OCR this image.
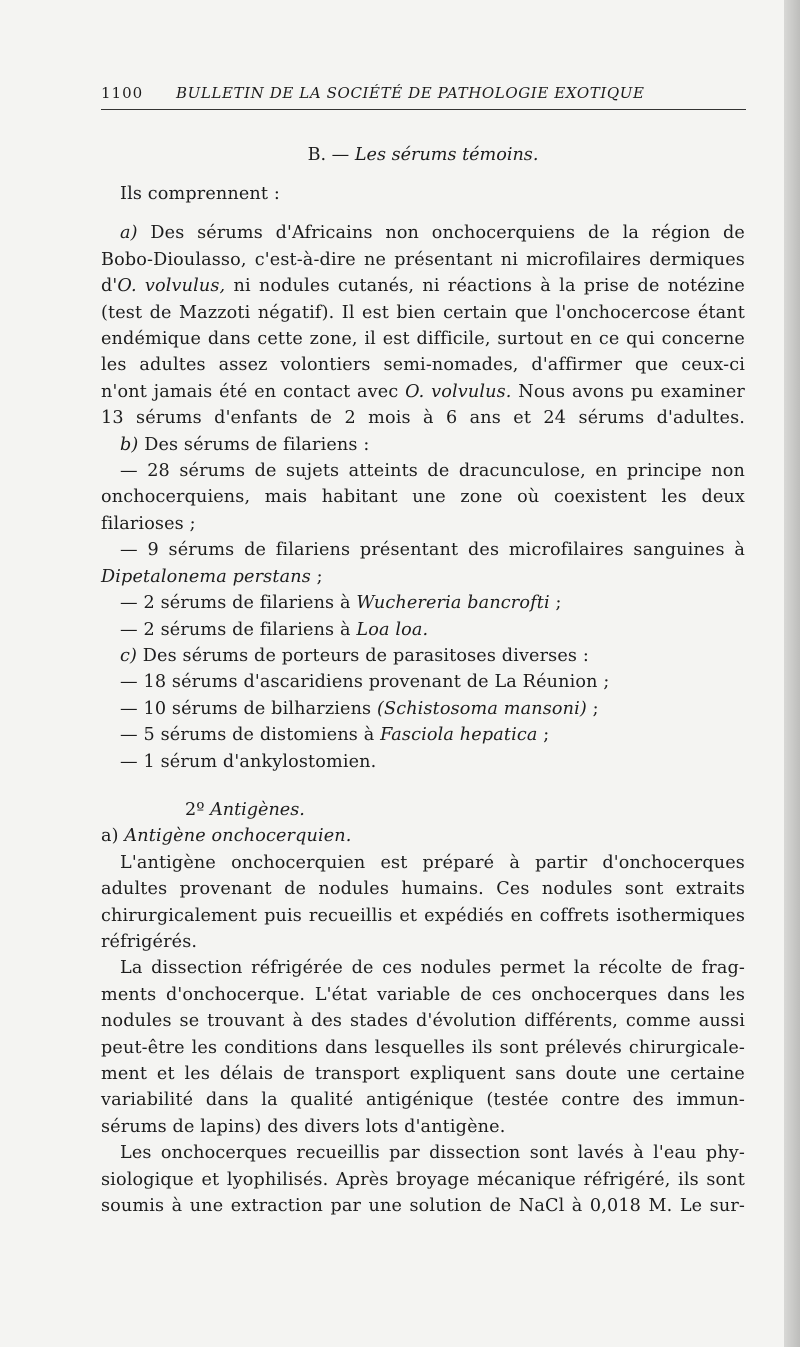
1100 BULLETIN DE LA SOCIÉTÉ DE PATHOLOGIE EXOTIQUE
B. — Les sérums témoins.
Ils comprennent :
a) Des sérums d'Africains non onchocerquiens de la région de
Bobo-Dioulasso, c'est-à-dire ne présentant ni microfilaires dermiques
d'O. volvulus, ni nodules cutanés, ni réactions à la prise de notézine
(test de Mazzoti négatif). Il est bien certain que l'onchocercose étant
endémique dans cette zone, il est difficile, surtout en ce qui concerne
les adultes assez volontiers semi-nomades, d'affirmer que ceux-ci
n'ont jamais été en contact avec O. volvulus. Nous avons pu examiner
13 sérums d'enfants de 2 mois à 6 ans et 24 sérums d'adultes.
b) Des sérums de filariens :
— 28 sérums de sujets atteints de dracunculose, en principe non
onchocerquiens, mais habitant une zone où coexistent les deux
filarioses ;
— 9 sérums de filariens présentant des microfilaires sanguines à
Dipetalonema perstans ;
— 2 sérums de filariens à Wuchereria bancrofti ;
— 2 sérums de filariens à Loa loa.
c) Des sérums de porteurs de parasitoses diverses :
— 18 sérums d'ascaridiens provenant de La Réunion ;
— 10 sérums de bilharziens (Schistosoma mansoni) ;
— 5 sérums de distomiens à Fasciola hepatica ;
— 1 sérum d'ankylostomien.
2º Antigènes.
a) Antigène onchocerquien.
L'antigène onchocerquien est préparé à partir d'onchocerques
adultes provenant de nodules humains. Ces nodules sont extraits
chirurgicalement puis recueillis et expédiés en coffrets isothermiques
réfrigérés.
La dissection réfrigérée de ces nodules permet la récolte de frag-
ments d'onchocerque. L'état variable de ces onchocerques dans les
nodules se trouvant à des stades d'évolution différents, comme aussi
peut-être les conditions dans lesquelles ils sont prélevés chirurgicale-
ment et les délais de transport expliquent sans doute une certaine
variabilité dans la qualité antigénique (testée contre des immun-
sérums de lapins) des divers lots d'antigène.
Les onchocerques recueillis par dissection sont lavés à l'eau phy-
siologique et lyophilisés. Après broyage mécanique réfrigéré, ils sont
soumis à une extraction par une solution de NaCl à 0,018 M. Le sur-
